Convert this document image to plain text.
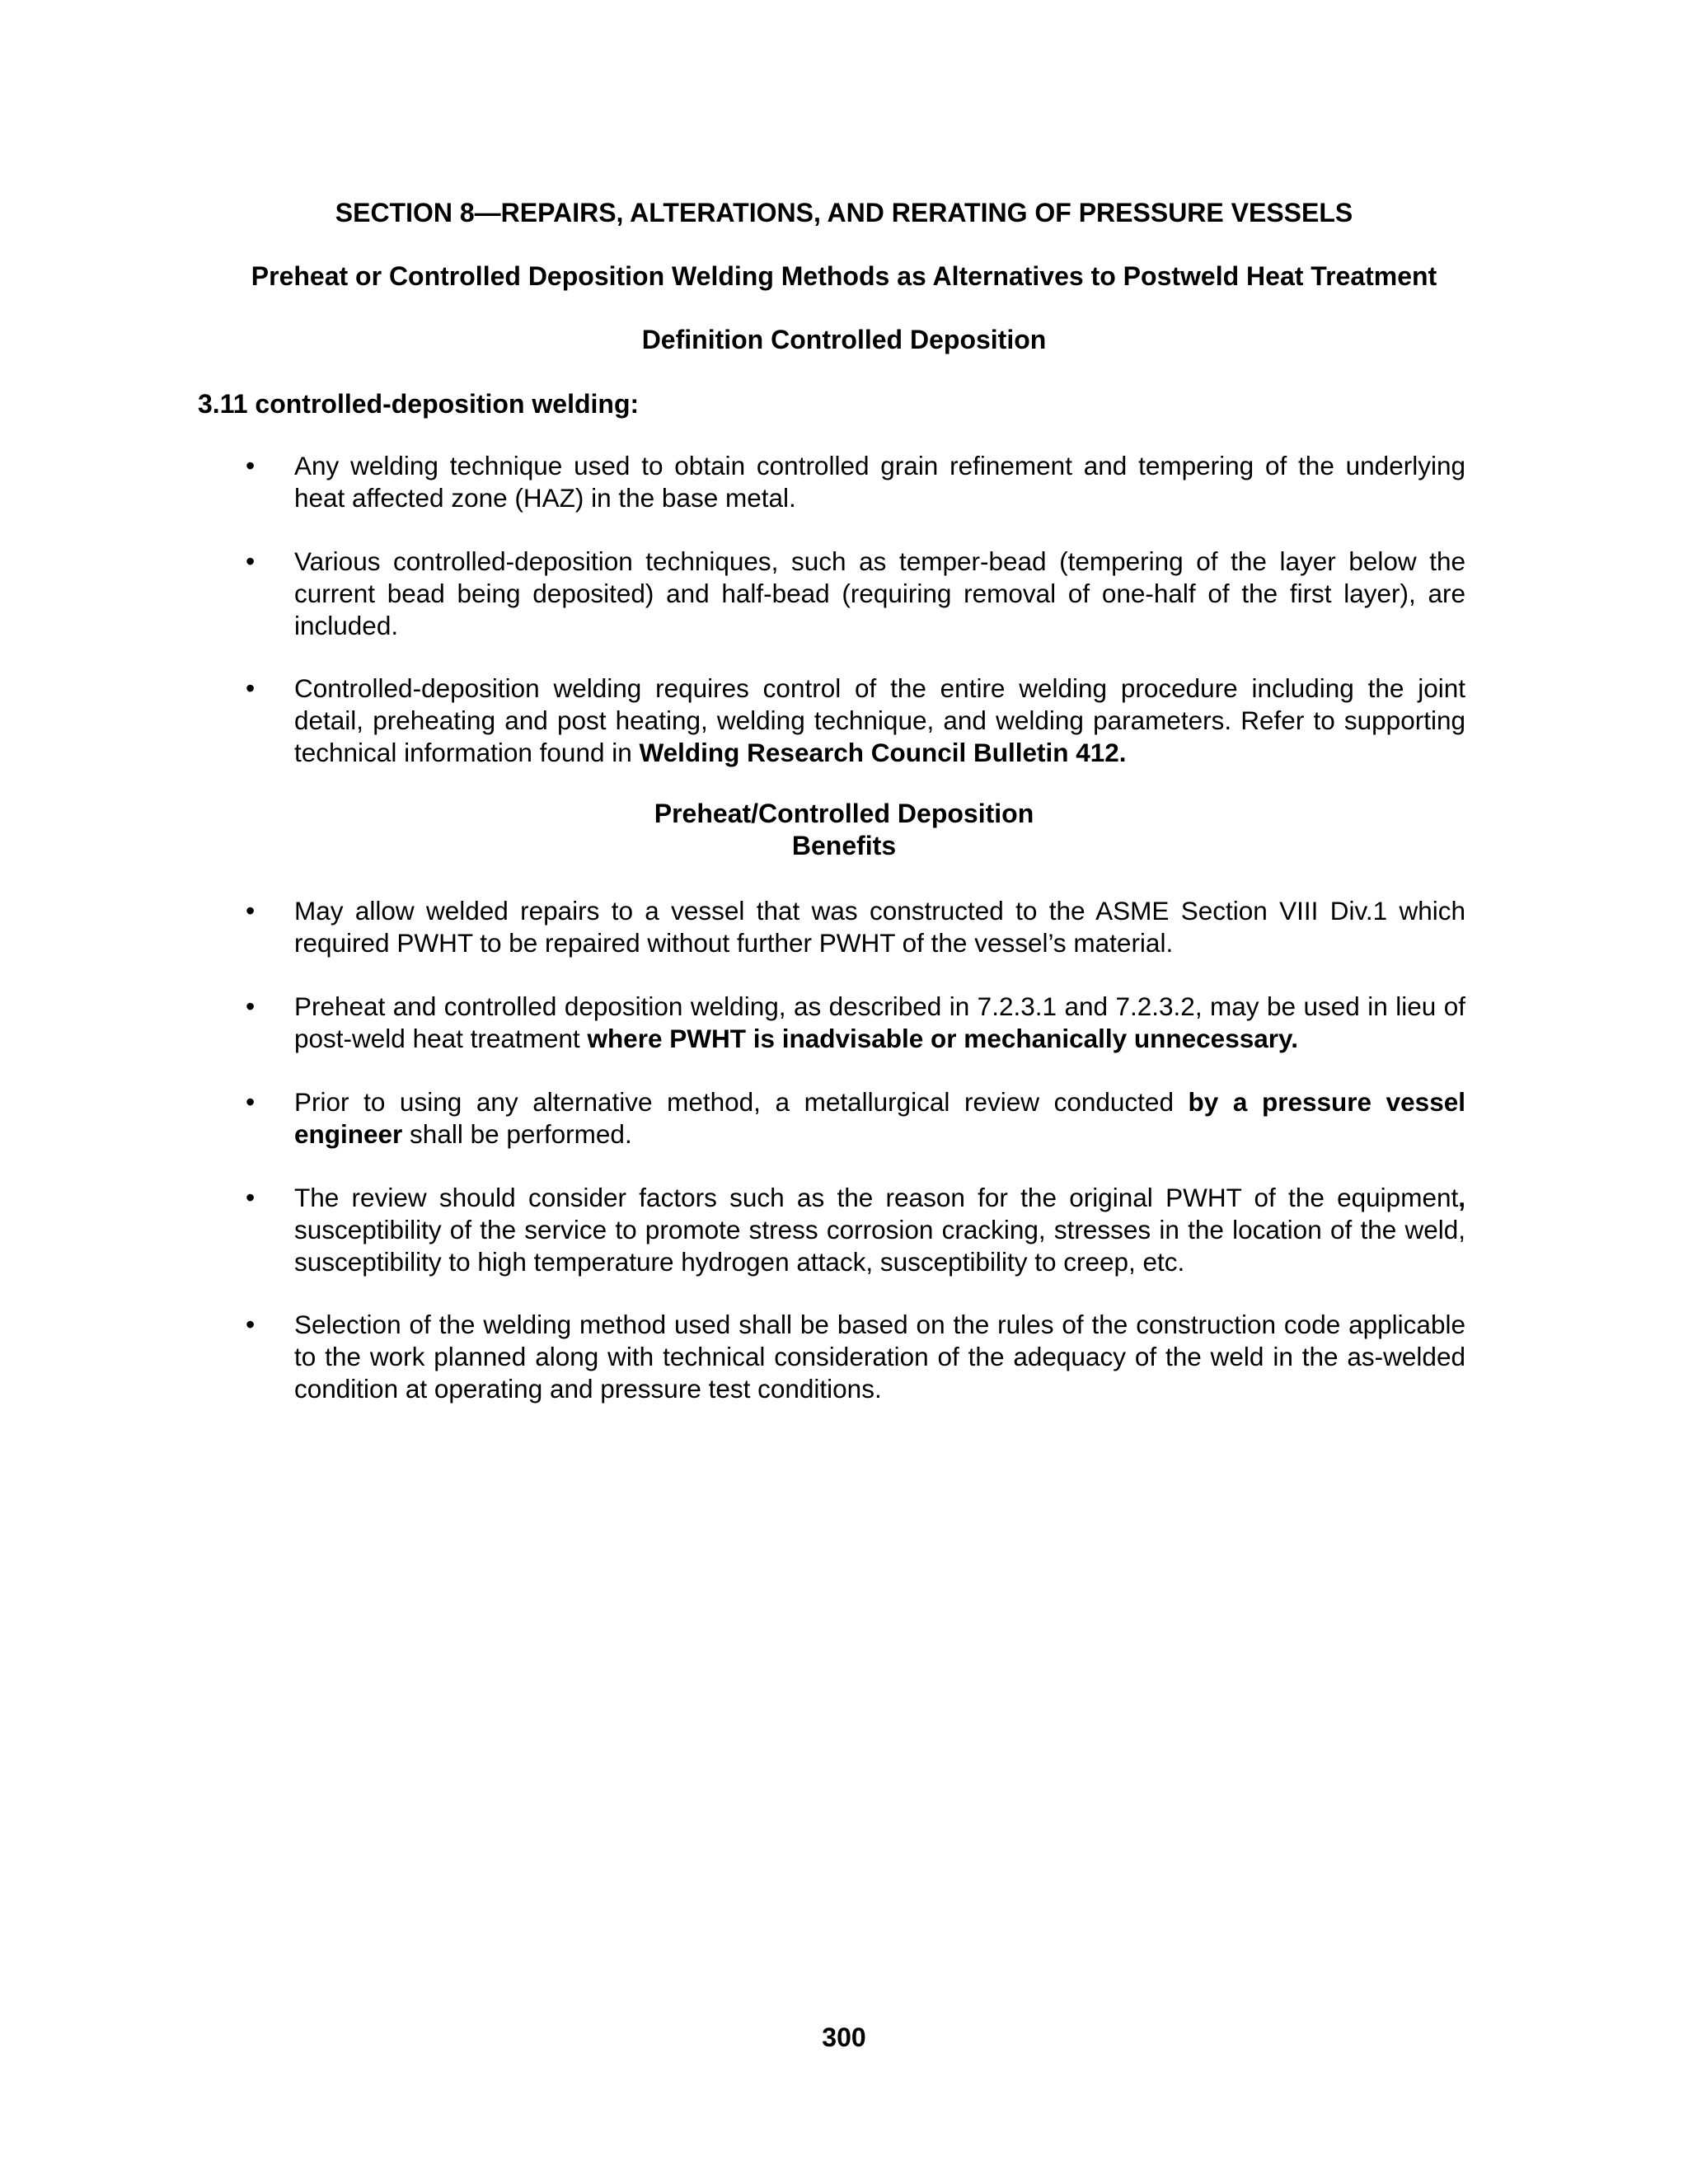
SECTION 8—REPAIRS, ALTERATIONS, AND RERATING OF PRESSURE VESSELS
Preheat or Controlled Deposition Welding Methods as Alternatives to Postweld Heat Treatment
Definition Controlled Deposition
3.11 controlled-deposition welding:
• Any welding technique used to obtain controlled grain refinement and tempering of the underlying heat affected zone (HAZ) in the base metal.
• Various controlled-deposition techniques, such as temper-bead (tempering of the layer below the current bead being deposited) and half-bead (requiring removal of one-half of the first layer), are included.
• Controlled-deposition welding requires control of the entire welding procedure including the joint detail, preheating and post heating, welding technique, and welding parameters. Refer to supporting technical information found in Welding Research Council Bulletin 412.
Preheat/Controlled Deposition
Benefits
• May allow welded repairs to a vessel that was constructed to the ASME Section VIII Div.1 which required PWHT to be repaired without further PWHT of the vessel’s material.
• Preheat and controlled deposition welding, as described in 7.2.3.1 and 7.2.3.2, may be used in lieu of post-weld heat treatment where PWHT is inadvisable or mechanically unnecessary.
• Prior to using any alternative method, a metallurgical review conducted by a pressure vessel engineer shall be performed.
• The review should consider factors such as the reason for the original PWHT of the equipment, susceptibility of the service to promote stress corrosion cracking, stresses in the location of the weld, susceptibility to high temperature hydrogen attack, susceptibility to creep, etc.
• Selection of the welding method used shall be based on the rules of the construction code applicable to the work planned along with technical consideration of the adequacy of the weld in the as-welded condition at operating and pressure test conditions.
300
